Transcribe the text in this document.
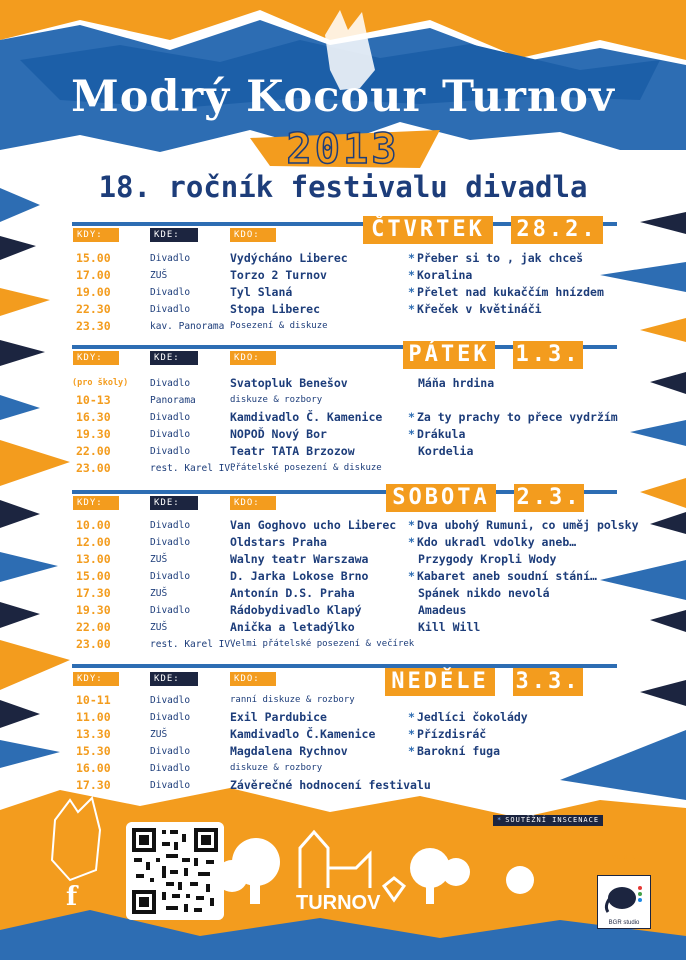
Modrý Kocour Turnov
2013
18. ročník festivalu divadla
KDY:	KDE:	KDO:	ČTVRTEK	28.2.
15.00	Divadlo	Vydýcháno Liberec	* Přeber si to , jak chceš
17.00	ZUŠ	Torzo 2 Turnov	* Koralina
19.00	Divadlo	Tyl Slaná	* Přelet nad kukaččím hnízdem
22.30	Divadlo	Stopa Liberec	* Křeček v květináči
23.30	kav. Panorama Posezení & diskuze
KDY:	KDE:	KDO:	PÁTEK 1.3.
(pro školy) Divadlo	Svatopluk Benešov	Máňa hrdina
10-13	Panorama	diskuze & rozbory
16.30	Divadlo	Kamdivadlo Č. Kamenice	* Za ty prachy to přece vydržím
19.30	Divadlo	NOPOĎ Nový Bor	* Drákula
22.00	Divadlo	Teatr TATA Brzozow	Kordelia
23.00	rest. Karel IV.
Přátelské posezení & diskuze
KDY:	KDE:	KDO:	SOBOTA 2.3.
10.00	Divadlo	Van Goghovo ucho Liberec * Dva ubohý Rumuni, co uměj polsky
12.00	Divadlo	Oldstars Praha	* Kdo ukradl vdolky aneb…
13.00	ZUŠ	Walny teatr Warszawa	Przygody Kropli Wody
15.00	Divadlo	D. Jarka Lokose Brno	* Kabaret aneb soudní stání…
17.30	ZUŠ	Antonín D.S. Praha	Spánek nikdo nevolá
19.30	Divadlo	Rádobydivadlo Klapý	Amadeus
22.00	ZUŠ	Anička a letadýlko	Kill Will
23.00	rest. Karel IV.
Velmi přátelské posezení & večírek
KDY:	KDE:	KDO:	NEDĚLE 3.3.
10-11	Divadlo	ranní diskuze & rozbory
11.00	Divadlo	Exil Pardubice	* Jedlíci čokolády
13.30	ZUŠ	Kamdivadlo Č.Kamenice	* Přízdisráč
15.30	Divadlo	Magdalena Rychnov	* Barokní fuga
16.00	Divadlo	diskuze & rozbory
17.30	Divadlo	Závěrečné hodnocení festivalu
* SOUTĚŽNÍ INSCENACE
PARTNER
f	TURNOV
BGR studio
